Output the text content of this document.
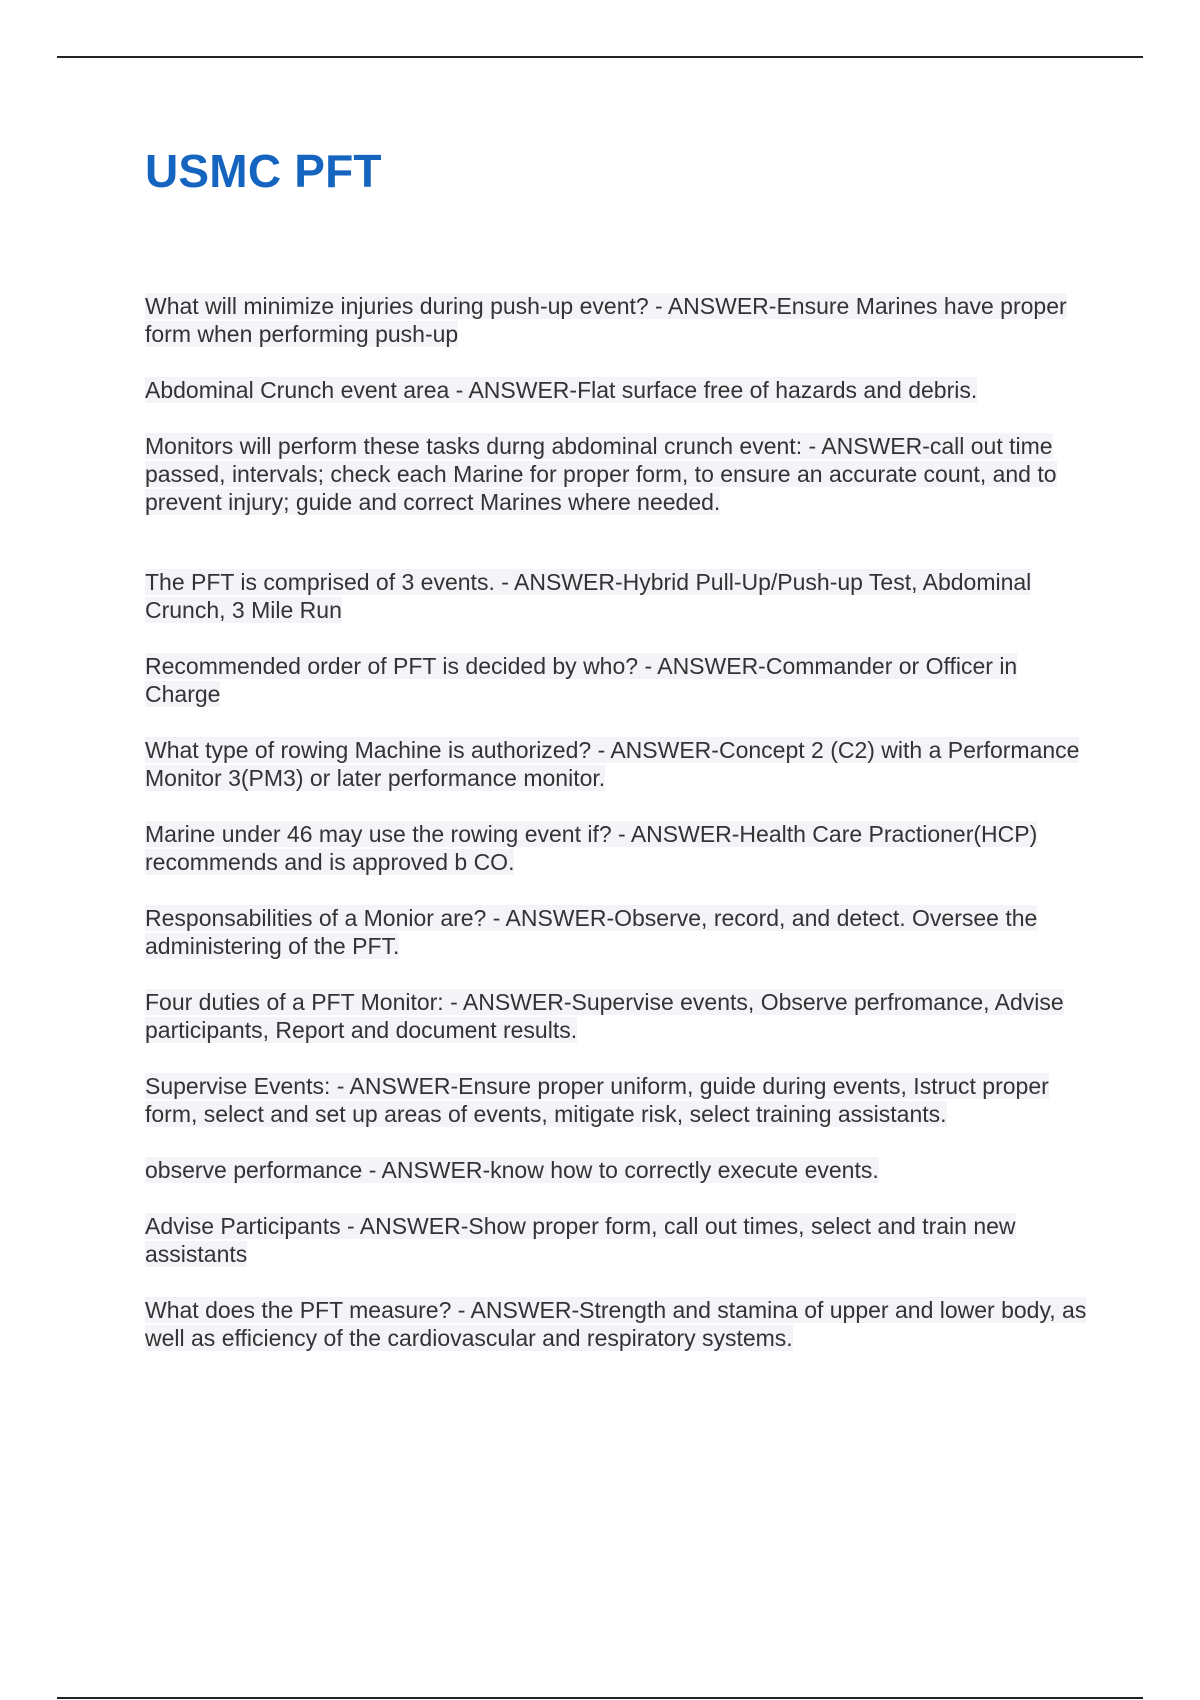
USMC PFT
What will minimize injuries during push-up event? - ANSWER-Ensure Marines have proper form when performing push-up
Abdominal Crunch event area - ANSWER-Flat surface free of hazards and debris.
Monitors will perform these tasks durng abdominal crunch event: - ANSWER-call out time passed, intervals; check each Marine for proper form, to ensure an accurate count, and to prevent injury; guide and correct Marines where needed.
The PFT is comprised of 3 events. - ANSWER-Hybrid Pull-Up/Push-up Test, Abdominal Crunch, 3 Mile Run
Recommended order of PFT is decided by who? - ANSWER-Commander or Officer in Charge
What type of rowing Machine is authorized? - ANSWER-Concept 2 (C2) with a Performance Monitor 3(PM3) or later performance monitor.
Marine under 46 may use the rowing event if? - ANSWER-Health Care Practioner(HCP) recommends and is approved b CO.
Responsabilities of a Monior are? - ANSWER-Observe, record, and detect. Oversee the administering of the PFT.
Four duties of a PFT Monitor: - ANSWER-Supervise events, Observe perfromance, Advise participants, Report and document results.
Supervise Events: - ANSWER-Ensure proper uniform, guide during events, Istruct proper form, select and set up areas of events, mitigate risk, select training assistants.
observe performance - ANSWER-know how to correctly execute events.
Advise Participants - ANSWER-Show proper form, call out times, select and train new assistants
What does the PFT measure? - ANSWER-Strength and stamina of upper and lower body, as well as efficiency of the cardiovascular and respiratory systems.
